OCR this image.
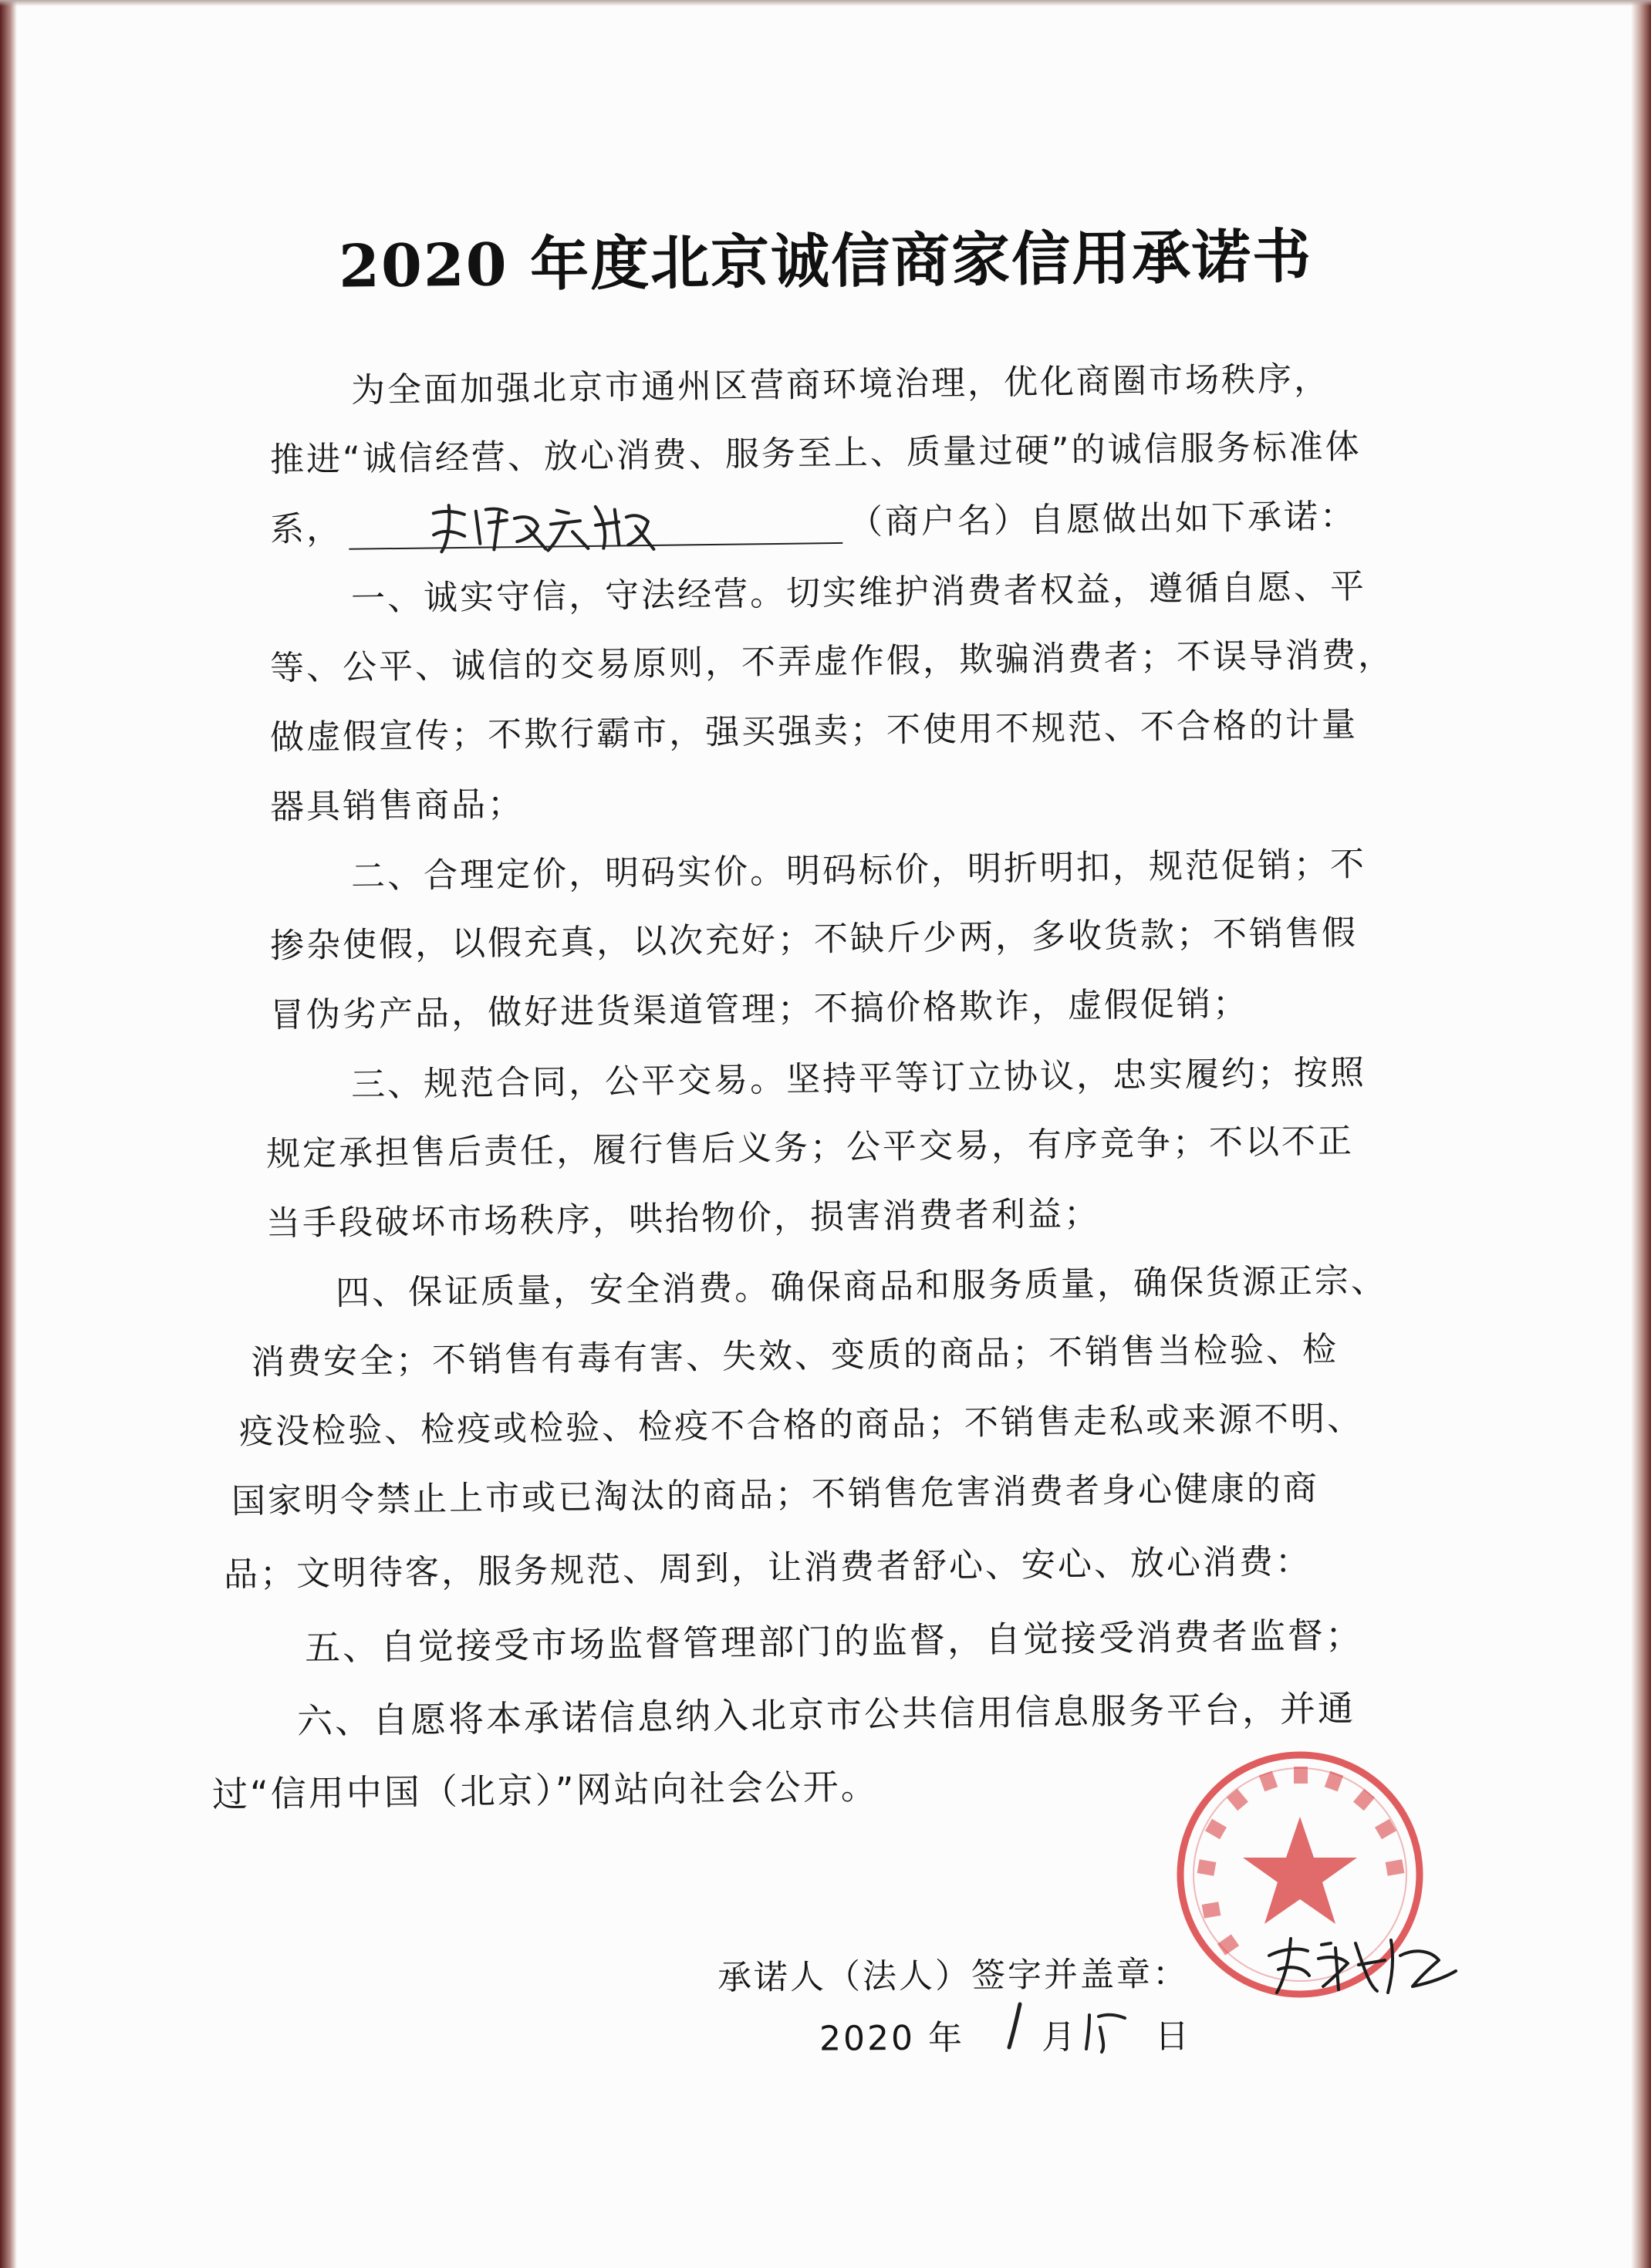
2020 年度北京诚信商家信用承诺书
为全面加强北京市通州区营商环境治理，优化商圈市场秩序，
推进“诚信经营、放心消费、服务至上、质量过硬”的诚信服务标准体
系，	（商户名）自愿做出如下承诺：
一、诚实守信，守法经营。切实维护消费者权益，遵循自愿、平
等、公平、诚信的交易原则，不弄虚作假，欺骗消费者；不误导消费，
做虚假宣传；不欺行霸市，强买强卖；不使用不规范、不合格的计量
器具销售商品；
二、合理定价，明码实价。明码标价，明折明扣，规范促销；不
掺杂使假，以假充真，以次充好；不缺斤少两，多收货款；不销售假
冒伪劣产品，做好进货渠道管理；不搞价格欺诈，虚假促销；
三、规范合同，公平交易。坚持平等订立协议，忠实履约；按照
规定承担售后责任，履行售后义务；公平交易，有序竞争；不以不正
当手段破坏市场秩序，哄抬物价，损害消费者利益；
四、保证质量，安全消费。确保商品和服务质量，确保货源正宗、
消费安全；不销售有毒有害、失效、变质的商品；不销售当检验、检
疫没检验、检疫或检验、检疫不合格的商品；不销售走私或来源不明、
国家明令禁止上市或已淘汰的商品；不销售危害消费者身心健康的商
品；文明待客，服务规范、周到，让消费者舒心、安心、放心消费：
五、自觉接受市场监督管理部门的监督，自觉接受消费者监督；
六、自愿将本承诺信息纳入北京市公共信用信息服务平台，并通
过“信用中国（北京）”网站向社会公开。
承诺人（法人）签字并盖章：
2020 年 月 日
